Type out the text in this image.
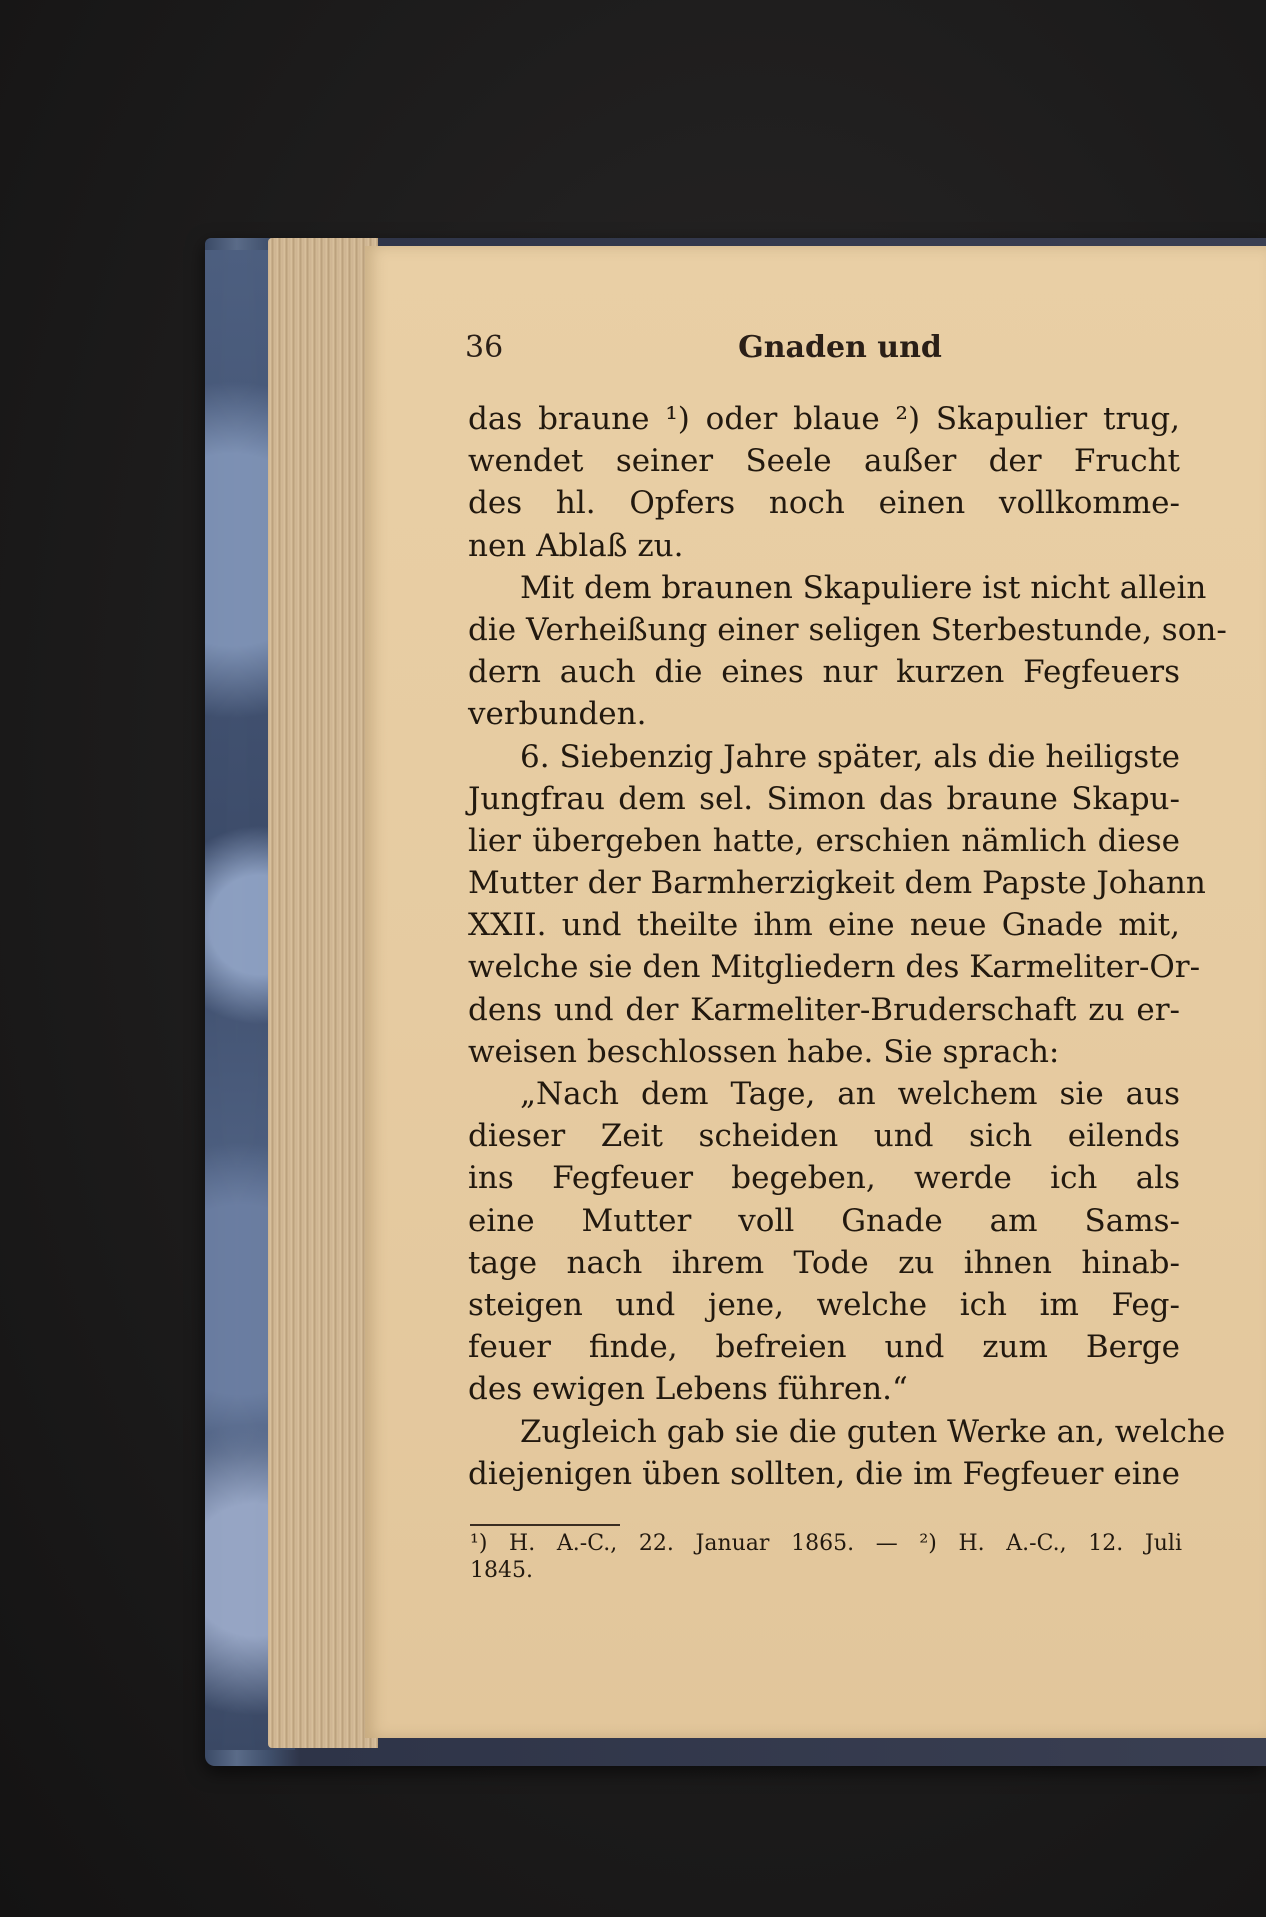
36	Gnaden und
das braune ¹) oder blaue ²) Skapulier trug,
wendet seiner Seele außer der Frucht
des hl. Opfers noch einen vollkomme-
nen Ablaß zu.
Mit dem braunen Skapuliere ist nicht allein
die Verheißung einer seligen Sterbestunde, son-
dern auch die eines nur kurzen Fegfeuers
verbunden.
6. Siebenzig Jahre später, als die heiligste
Jungfrau dem sel. Simon das braune Skapu-
lier übergeben hatte, erschien nämlich diese
Mutter der Barmherzigkeit dem Papste Johann
XXII. und theilte ihm eine neue Gnade mit,
welche sie den Mitgliedern des Karmeliter-Or-
dens und der Karmeliter-Bruderschaft zu er-
weisen beschlossen habe. Sie sprach:
„Nach dem Tage, an welchem sie aus
dieser Zeit scheiden und sich eilends
ins Fegfeuer begeben, werde ich als
eine Mutter voll Gnade am Sams-
tage nach ihrem Tode zu ihnen hinab-
steigen und jene, welche ich im Feg-
feuer finde, befreien und zum Berge
des ewigen Lebens führen.“
Zugleich gab sie die guten Werke an, welche
diejenigen üben sollten, die im Fegfeuer eine
¹) H. A.-C., 22. Januar 1865. — ²) H. A.-C., 12. Juli
1845.
